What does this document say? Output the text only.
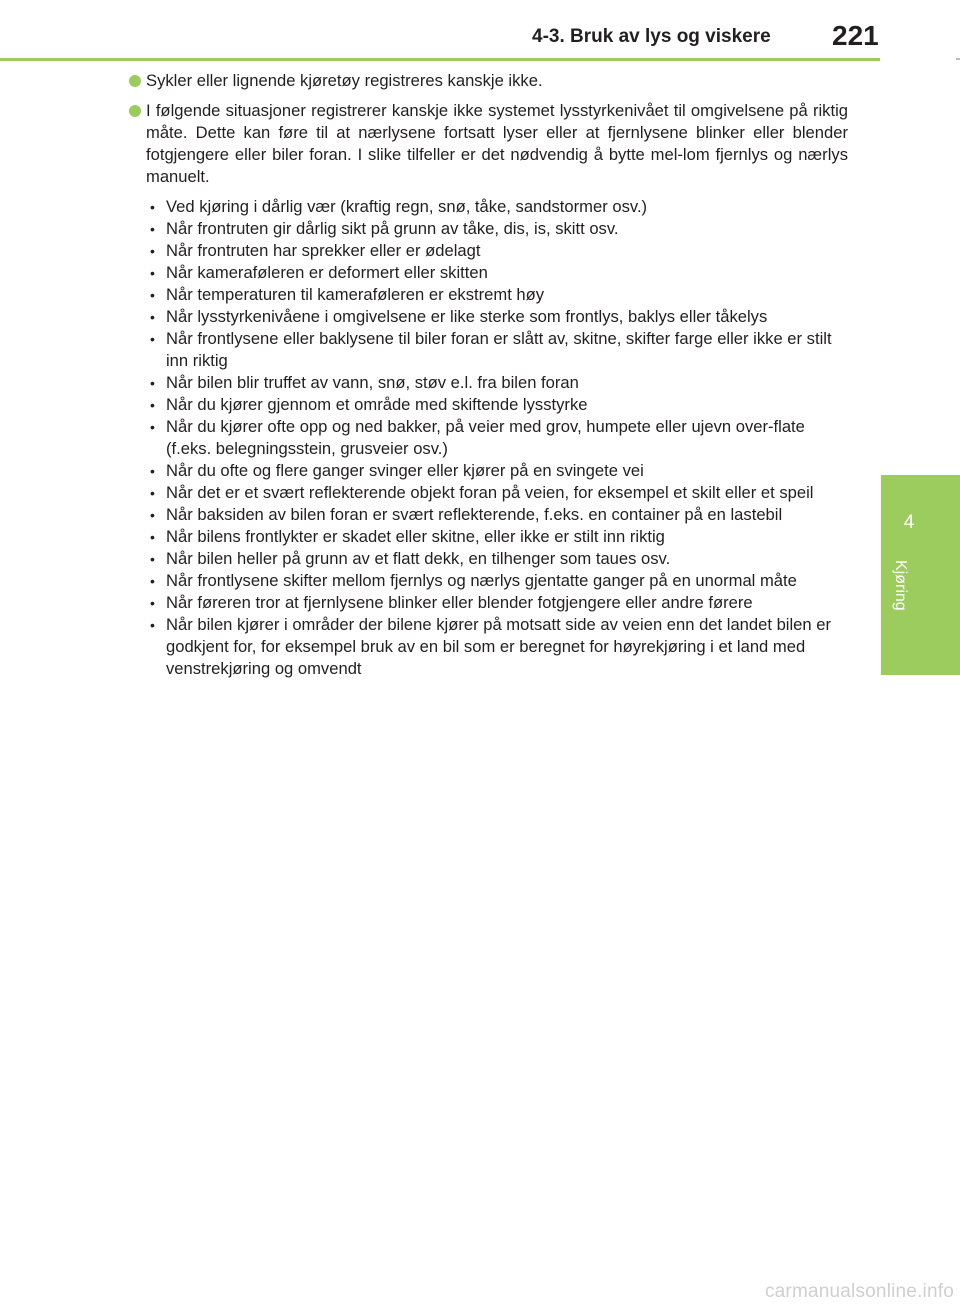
4-3. Bruk av lys og viskere 221
4
Kjøring
Sykler eller lignende kjøretøy registreres kanskje ikke.
I følgende situasjoner registrerer kanskje ikke systemet lysstyrkenivået til omgivelsene på riktig måte. Dette kan føre til at nærlysene fortsatt lyser eller at fjernlysene blinker eller blender fotgjengere eller biler foran. I slike tilfeller er det nødvendig å bytte mel-lom fjernlys og nærlys manuelt.
• Ved kjøring i dårlig vær (kraftig regn, snø, tåke, sandstormer osv.)
• Når frontruten gir dårlig sikt på grunn av tåke, dis, is, skitt osv.
• Når frontruten har sprekker eller er ødelagt
• Når kameraføleren er deformert eller skitten
• Når temperaturen til kameraføleren er ekstremt høy
• Når lysstyrkenivåene i omgivelsene er like sterke som frontlys, baklys eller tåkelys
• Når frontlysene eller baklysene til biler foran er slått av, skitne, skifter farge eller ikke er stilt inn riktig
• Når bilen blir truffet av vann, snø, støv e.l. fra bilen foran
• Når du kjører gjennom et område med skiftende lysstyrke
• Når du kjører ofte opp og ned bakker, på veier med grov, humpete eller ujevn over-flate (f.eks. belegningsstein, grusveier osv.)
• Når du ofte og flere ganger svinger eller kjører på en svingete vei
• Når det er et svært reflekterende objekt foran på veien, for eksempel et skilt eller et speil
• Når baksiden av bilen foran er svært reflekterende, f.eks. en container på en lastebil
• Når bilens frontlykter er skadet eller skitne, eller ikke er stilt inn riktig
• Når bilen heller på grunn av et flatt dekk, en tilhenger som taues osv.
• Når frontlysene skifter mellom fjernlys og nærlys gjentatte ganger på en unormal måte
• Når føreren tror at fjernlysene blinker eller blender fotgjengere eller andre førere
• Når bilen kjører i områder der bilene kjører på motsatt side av veien enn det landet bilen er godkjent for, for eksempel bruk av en bil som er beregnet for høyrekjøring i et land med venstrekjøring og omvendt
carmanualsonline.info
